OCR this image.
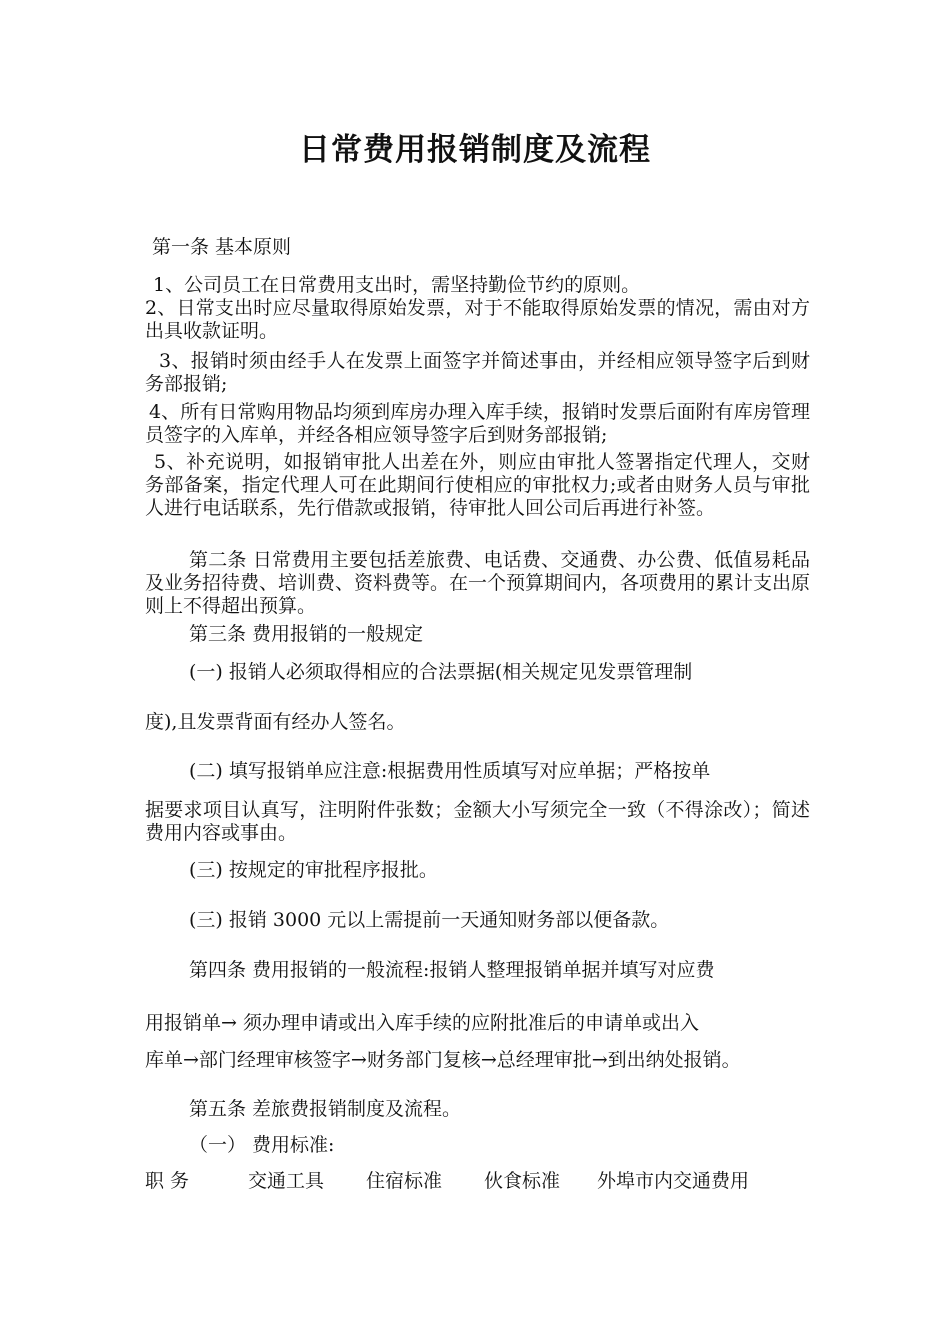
日常费用报销制度及流程
第一条 基本原则
1、公司员工在日常费用支出时，需坚持勤俭节约的原则。
2、日常支出时应尽量取得原始发票，对于不能取得原始发票的情况，需由对方出具收款证明。
3、报销时须由经手人在发票上面签字并简述事由，并经相应领导签字后到财务部报销;
4、所有日常购用物品均须到库房办理入库手续，报销时发票后面附有库房管理员签字的入库单，并经各相应领导签字后到财务部报销;
5、补充说明，如报销审批人出差在外，则应由审批人签署指定代理人，交财务部备案，指定代理人可在此期间行使相应的审批权力;或者由财务人员与审批人进行电话联系，先行借款或报销，待审批人回公司后再进行补签。
第二条 日常费用主要包括差旅费、电话费、交通费、办公费、低值易耗品及业务招待费、培训费、资料费等。在一个预算期间内，各项费用的累计支出原则上不得超出预算。
第三条 费用报销的一般规定
(一) 报销人必须取得相应的合法票据(相关规定见发票管理制
度),且发票背面有经办人签名。
(二) 填写报销单应注意:根据费用性质填写对应单据；严格按单
据要求项目认真写，注明附件张数；金额大小写须完全一致（不得涂改）；简述费用内容或事由。
(三) 按规定的审批程序报批。
(三) 报销 3000 元以上需提前一天通知财务部以便备款。
第四条 费用报销的一般流程:报销人整理报销单据并填写对应费
用报销单→ 须办理申请或出入库手续的应附批准后的申请单或出入
库单→部门经理审核签字→财务部门复核→总经理审批→到出纳处报销。
第五条 差旅费报销制度及流程。
（一） 费用标准:
职 务	交通工具 住宿标准 伙食标准 外埠市内交通费用
